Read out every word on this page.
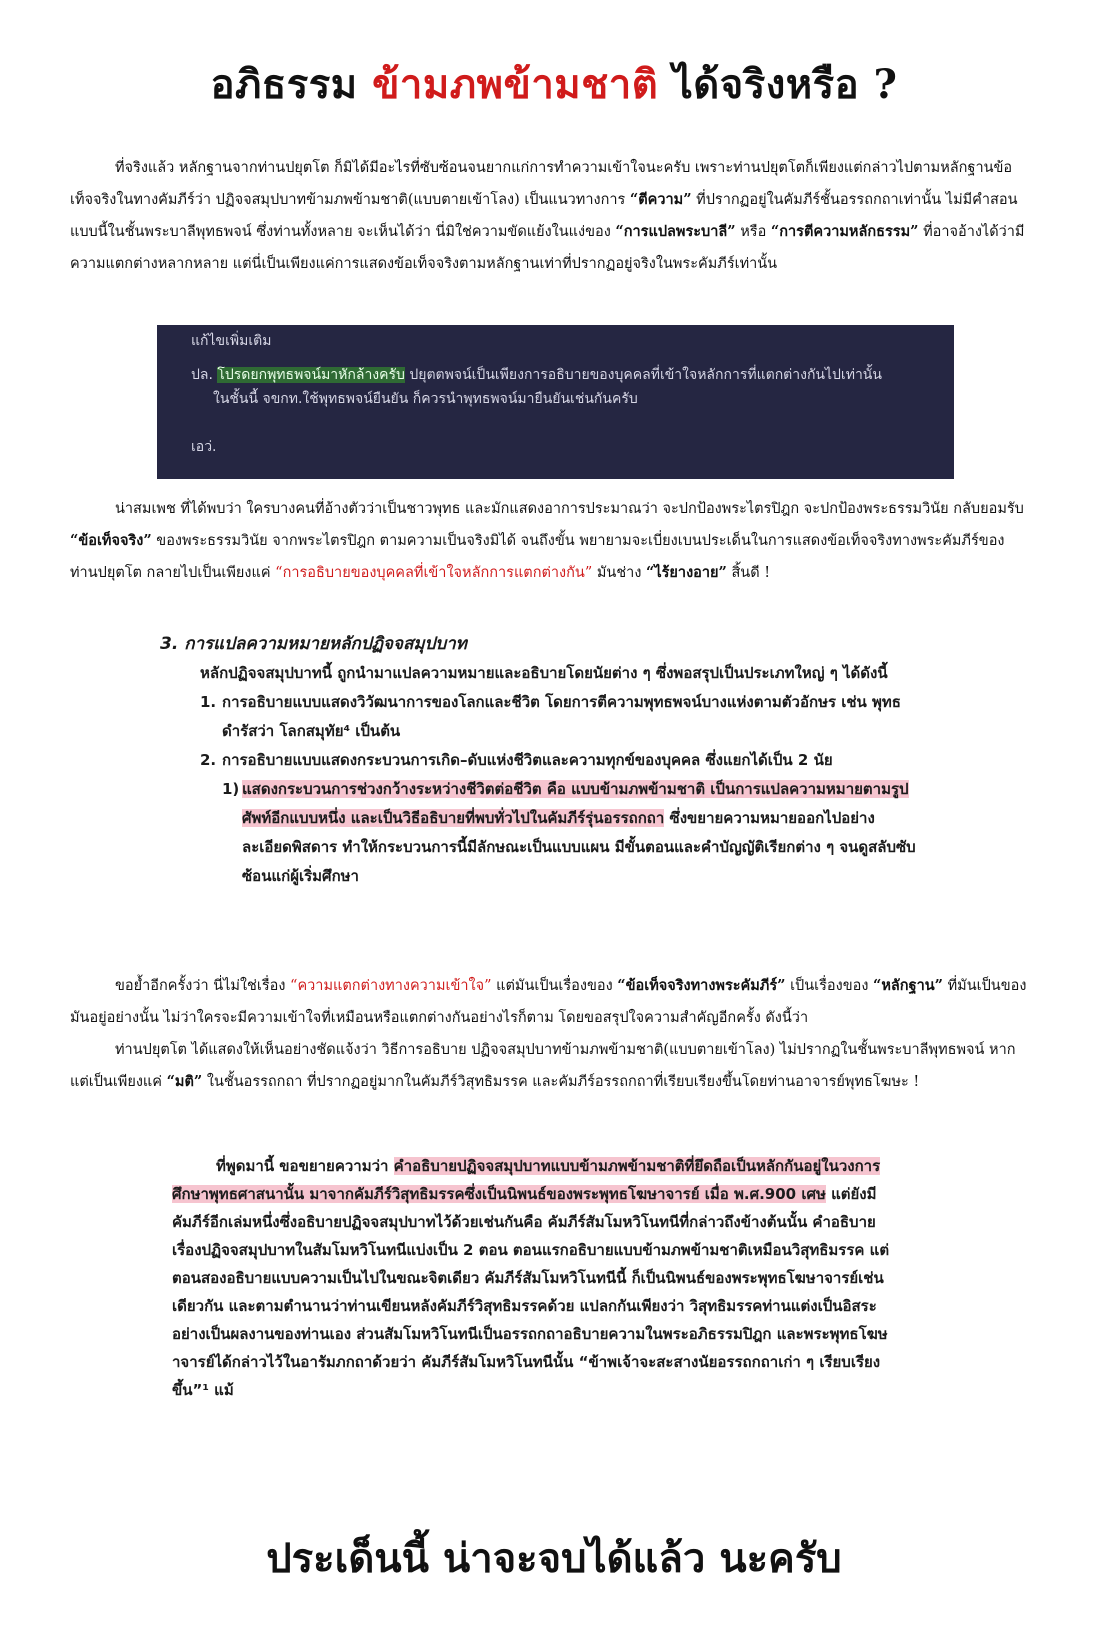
อภิธรรม ข้ามภพข้ามชาติ ได้จริงหรือ ?
ที่จริงแล้ว หลักฐานจากท่านปยุตโต ก็มิได้มีอะไรที่ซับซ้อนจนยากแก่การทำความเข้าใจนะครับ เพราะท่านปยุตโตก็เพียงแต่กล่าวไปตามหลักฐานข้อเท็จจริงในทางคัมภีร์ว่า ปฏิจจสมุปบาทข้ามภพข้ามชาติ(แบบตายเข้าโลง) เป็นแนวทางการ “ตีความ” ที่ปรากฏอยู่ในคัมภีร์ชั้นอรรถกถาเท่านั้น ไม่มีคำสอนแบบนี้ในชั้นพระบาลีพุทธพจน์ ซึ่งท่านทั้งหลาย จะเห็นได้ว่า นี่มิใช่ความขัดแย้งในแง่ของ “การแปลพระบาลี” หรือ “การตีความหลักธรรม” ที่อาจอ้างได้ว่ามีความแตกต่างหลากหลาย แต่นี่เป็นเพียงแค่การแสดงข้อเท็จจริงตามหลักฐานเท่าที่ปรากฏอยู่จริงในพระคัมภีร์เท่านั้น
แก้ไขเพิ่มเติม
ปล. โปรดยกพุทธพจน์มาหักล้างครับ ปยุตตพจน์เป็นเพียงการอธิบายของบุคคลที่เข้าใจหลักการที่แตกต่างกันไปเท่านั้น
ในชั้นนี้ จขกท.ใช้พุทธพจน์ยืนยัน ก็ควรนำพุทธพจน์มายืนยันเช่นกันครับ
เอว่.
น่าสมเพช ที่ได้พบว่า ใครบางคนที่อ้างตัวว่าเป็นชาวพุทธ และมักแสดงอาการประมาณว่า จะปกป้องพระไตรปิฎก จะปกป้องพระธรรมวินัย กลับยอมรับ “ข้อเท็จจริง” ของพระธรรมวินัย จากพระไตรปิฎก ตามความเป็นจริงมิได้ จนถึงขั้น พยายามจะเบี่ยงเบนประเด็นในการแสดงข้อเท็จจริงทางพระคัมภีร์ของท่านปยุตโต กลายไปเป็นเพียงแค่ “การอธิบายของบุคคลที่เข้าใจหลักการแตกต่างกัน” มันช่าง “ไร้ยางอาย” สิ้นดี !
3. การแปลความหมายหลักปฏิจจสมุปบาท
หลักปฏิจจสมุปบาทนี้ ถูกนำมาแปลความหมายและอธิบายโดยนัยต่าง ๆ ซึ่งพอสรุปเป็นประเภทใหญ่ ๆ ได้ดังนี้
1. การอธิบายแบบแสดงวิวัฒนาการของโลกและชีวิต โดยการตีความพุทธพจน์บางแห่งตามตัวอักษร เช่น พุทธดำรัสว่า โลกสมุทัย⁴ เป็นต้น
2. การอธิบายแบบแสดงกระบวนการเกิด–ดับแห่งชีวิตและความทุกข์ของบุคคล ซึ่งแยกได้เป็น 2 นัย
1) แสดงกระบวนการช่วงกว้างระหว่างชีวิตต่อชีวิต คือ แบบข้ามภพข้ามชาติ เป็นการแปลความหมายตามรูปศัพท์อีกแบบหนึ่ง และเป็นวิธีอธิบายที่พบทั่วไปในคัมภีร์รุ่นอรรถกถา ซึ่งขยายความหมายออกไปอย่างละเอียดพิสดาร ทำให้กระบวนการนี้มีลักษณะเป็นแบบแผน มีขั้นตอนและคำบัญญัติเรียกต่าง ๆ จนดูสลับซับซ้อนแก่ผู้เริ่มศึกษา
ขอย้ำอีกครั้งว่า นี่ไม่ใช่เรื่อง “ความแตกต่างทางความเข้าใจ” แต่มันเป็นเรื่องของ “ข้อเท็จจริงทางพระคัมภีร์” เป็นเรื่องของ “หลักฐาน” ที่มันเป็นของมันอยู่อย่างนั้น ไม่ว่าใครจะมีความเข้าใจที่เหมือนหรือแตกต่างกันอย่างไรก็ตาม โดยขอสรุปใจความสำคัญอีกครั้ง ดังนี้ว่า
ท่านปยุตโต ได้แสดงให้เห็นอย่างชัดแจ้งว่า วิธีการอธิบาย ปฏิจจสมุปบาทข้ามภพข้ามชาติ(แบบตายเข้าโลง) ไม่ปรากฏในชั้นพระบาลีพุทธพจน์ หากแต่เป็นเพียงแค่ “มติ” ในชั้นอรรถกถา ที่ปรากฏอยู่มากในคัมภีร์วิสุทธิมรรค และคัมภีร์อรรถกถาที่เรียบเรียงขึ้นโดยท่านอาจารย์พุทธโฆษะ !
ที่พูดมานี้ ขอขยายความว่า คำอธิบายปฏิจจสมุปบาทแบบข้ามภพข้ามชาติที่ยึดถือเป็นหลักกันอยู่ในวงการศึกษาพุทธศาสนานั้น มาจากคัมภีร์วิสุทธิมรรคซึ่งเป็นนิพนธ์ของพระพุทธโฆษาจารย์ เมื่อ พ.ศ.900 เศษ แต่ยังมีคัมภีร์อีกเล่มหนึ่งซึ่งอธิบายปฏิจจสมุปบาทไว้ด้วยเช่นกันคือ คัมภีร์สัมโมหวิโนทนีที่กล่าวถึงข้างต้นนั้น คำอธิบายเรื่องปฏิจจสมุปบาทในสัมโมหวิโนทนีแบ่งเป็น 2 ตอน ตอนแรกอธิบายแบบข้ามภพข้ามชาติเหมือนวิสุทธิมรรค แต่ตอนสองอธิบายแบบความเป็นไปในขณะจิตเดียว คัมภีร์สัมโมหวิโนทนีนี้ ก็เป็นนิพนธ์ของพระพุทธโฆษาจารย์เช่นเดียวกัน และตามตำนานว่าท่านเขียนหลังคัมภีร์วิสุทธิมรรคด้วย แปลกกันเพียงว่า วิสุทธิมรรคท่านแต่งเป็นอิสระอย่างเป็นผลงานของท่านเอง ส่วนสัมโมหวิโนทนีเป็นอรรถกถาอธิบายความในพระอภิธรรมปิฎก และพระพุทธโฆษาจารย์ได้กล่าวไว้ในอารัมภกถาด้วยว่า คัมภีร์สัมโมหวิโนทนีนั้น “ข้าพเจ้าจะสะสางนัยอรรถกถาเก่า ๆ เรียบเรียงขึ้น”¹ แม้
ประเด็นนี้ น่าจะจบได้แล้ว นะครับ
